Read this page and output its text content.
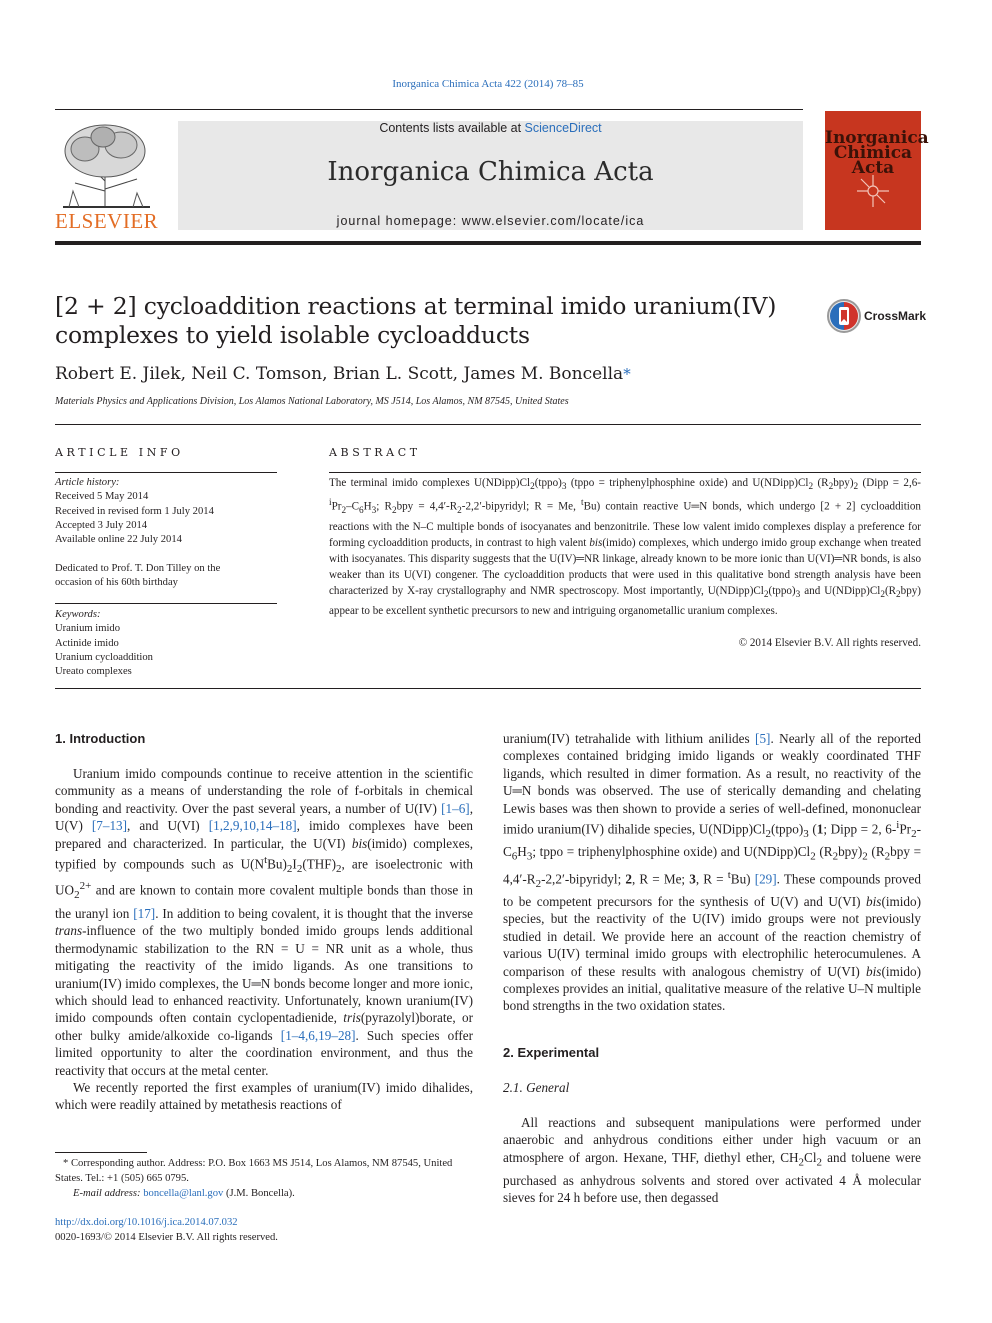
Inorganica Chimica Acta 422 (2014) 78–85
ELSEVIER
Contents lists available at ScienceDirect
Inorganica Chimica Acta
journal homepage: www.elsevier.com/locate/ica
Inorganica Chimica Acta
[2 + 2] cycloaddition reactions at terminal imido uranium(IV) complexes to yield isolable cycloadducts
CrossMark
Robert E. Jilek, Neil C. Tomson, Brian L. Scott, James M. Boncella*
Materials Physics and Applications Division, Los Alamos National Laboratory, MS J514, Los Alamos, NM 87545, United States
ARTICLE INFO
Article history:
Received 5 May 2014
Received in revised form 1 July 2014
Accepted 3 July 2014
Available online 22 July 2014
Dedicated to Prof. T. Don Tilley on the
occasion of his 60th birthday
Keywords:
Uranium imido
Actinide imido
Uranium cycloaddition
Ureato complexes
ABSTRACT
The terminal imido complexes $U(NDipp)Cl_2(tppo)_3$ (tppo = triphenylphosphine oxide) and $U(NDipp)Cl_2$ $(R_2bpy)_2$ (Dipp = $2,6-^iPr_2-C_6H_3$; $R_2bpy$ = $4,4'-R_2-2,2'$-bipyridyl; R = Me, $^t$Bu) contain reactive U═N bonds, which undergo [2 + 2] cycloaddition reactions with the N–C multiple bonds of isocyanates and benzonitrile. These low valent imido complexes display a preference for forming cycloaddition products, in contrast to high valent bis(imido) complexes, which undergo imido group exchange when treated with isocyanates. This disparity suggests that the U(IV)═NR linkage, already known to be more ionic than U(VI)═NR bonds, is also weaker than its U(VI) congener. The cycloaddition products that were used in this qualitative bond strength analysis have been characterized by X-ray crystallography and NMR spectroscopy. Most importantly, $U(NDipp)Cl_2(tppo)_3$ and $U(NDipp)Cl_2(R_2bpy)$ appear to be excellent synthetic precursors to new and intriguing organometallic uranium complexes.
© 2014 Elsevier B.V. All rights reserved.
1. Introduction

Uranium imido compounds continue to receive attention in the scientific community as a means of understanding the role of f-orbitals in chemical bonding and reactivity. Over the past several years, a number of U(IV) [1–6], U(V) [7–13], and U(VI) [1,2,9,10,14–18], imido complexes have been prepared and characterized. In particular, the U(VI) bis(imido) complexes, typified by compounds such as $U(N^tBu)_2I_2(THF)_2$, are isoelectronic with $UO_2^{2+}$ and are known to contain more covalent multiple bonds than those in the uranyl ion [17]. In addition to being covalent, it is thought that the inverse trans-influence of the two multiply bonded imido groups lends additional thermodynamic stabilization to the RN = U = NR unit as a whole, thus mitigating the reactivity of the imido ligands. As one transitions to uranium(IV) imido complexes, the U═N bonds become longer and more ionic, which should lead to enhanced reactivity. Unfortunately, known uranium(IV) imido compounds often contain cyclopentadienide, tris(pyrazolyl)borate, or other bulky amide/alkoxide co-ligands [1–4,6,19–28]. Such species offer limited opportunity to alter the coordination environment, and thus the reactivity that occurs at the metal center.

We recently reported the first examples of uranium(IV) imido dihalides, which were readily attained by metathesis reactions of

* Corresponding author. Address: P.O. Box 1663 MS J514, Los Alamos, NM 87545, United States. Tel.: +1 (505) 665 0795.
E-mail address: boncella@lanl.gov (J.M. Boncella).
http://dx.doi.org/10.1016/j.ica.2014.07.032
0020-1693/© 2014 Elsevier B.V. All rights reserved.

uranium(IV) tetrahalide with lithium anilides [5]. Nearly all of the reported complexes contained bridging imido ligands or weakly coordinated THF ligands, which resulted in dimer formation. As a result, no reactivity of the U═N bonds was observed. The use of sterically demanding and chelating Lewis bases was then shown to provide a series of well-defined, mononuclear imido uranium(IV) dihalide species, $U(NDipp)Cl_2(tppo)_3$ (1; Dipp = 2, $6-^iPr_2-C_6H_3$; tppo = triphenylphosphine oxide) and $U(NDipp)Cl_2$ $(R_2bpy)_2$ ($R_2bpy$ = $4,4'-R_2-2,2'$-bipyridyl; 2, R = Me; 3, R = $^t$Bu) [29]. These compounds proved to be competent precursors for the synthesis of U(V) and U(VI) bis(imido) species, but the reactivity of the U(IV) imido groups were not previously studied in detail. We provide here an account of the reaction chemistry of various U(IV) terminal imido groups with electrophilic heterocumulenes. A comparison of these results with analogous chemistry of U(VI) bis(imido) complexes provides an initial, qualitative measure of the relative U–N multiple bond strengths in the two oxidation states.

2. Experimental
2.1. General

All reactions and subsequent manipulations were performed under anaerobic and anhydrous conditions either under high vacuum or an atmosphere of argon. Hexane, THF, diethyl ether, $CH_2Cl_2$ and toluene were purchased as anhydrous solvents and stored over activated 4 Å molecular sieves for 24 h before use, then degassed
